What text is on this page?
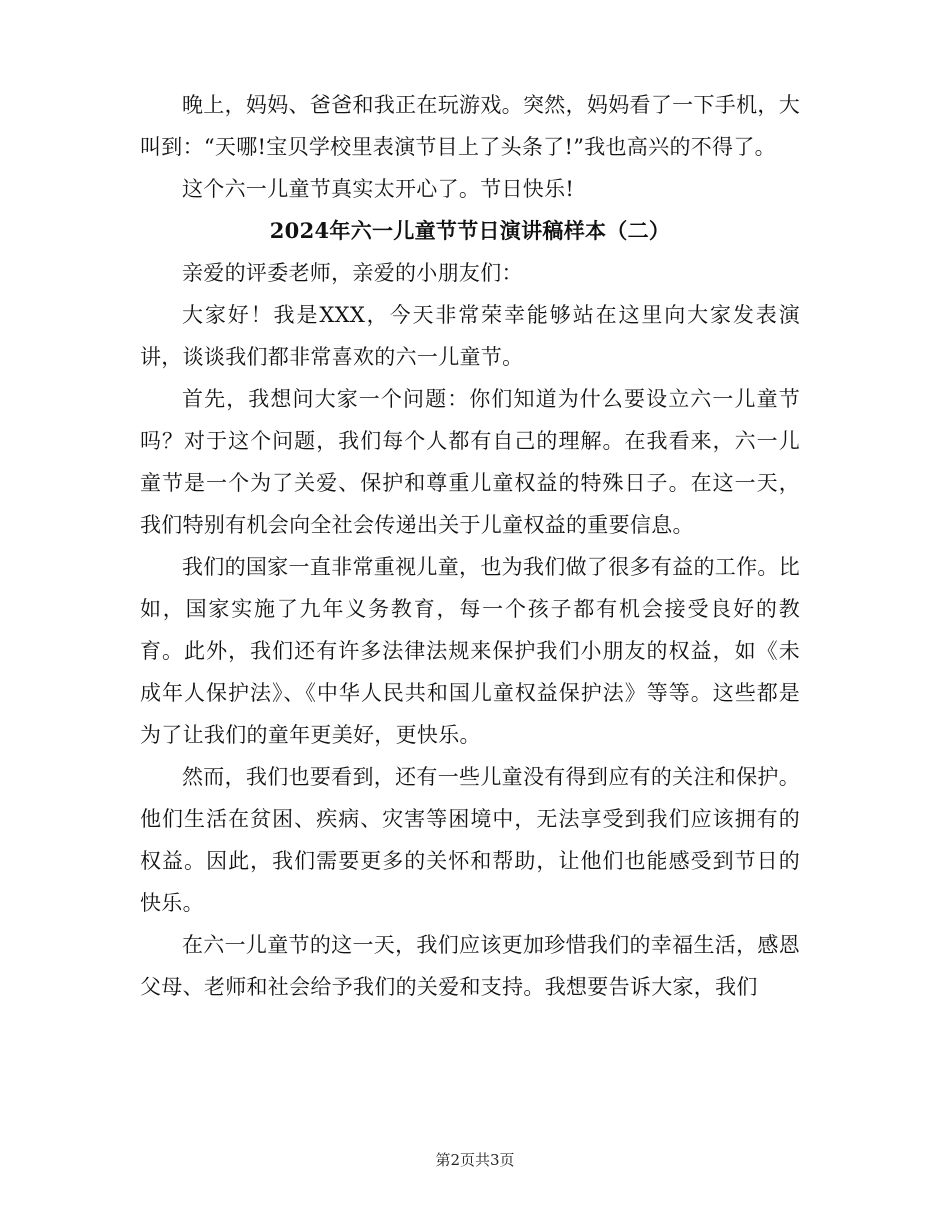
晚上，妈妈、爸爸和我正在玩游戏。突然，妈妈看了一下手机，大叫到：“天哪!宝贝学校里表演节目上了头条了!”我也高兴的不得了。

这个六一儿童节真实太开心了。节日快乐!

2024年六一儿童节节日演讲稿样本（二）

亲爱的评委老师，亲爱的小朋友们：

大家好！我是XXX，今天非常荣幸能够站在这里向大家发表演讲，谈谈我们都非常喜欢的六一儿童节。

首先，我想问大家一个问题：你们知道为什么要设立六一儿童节吗？对于这个问题，我们每个人都有自己的理解。在我看来，六一儿童节是一个为了关爱、保护和尊重儿童权益的特殊日子。在这一天，我们特别有机会向全社会传递出关于儿童权益的重要信息。

我们的国家一直非常重视儿童，也为我们做了很多有益的工作。比如，国家实施了九年义务教育，每一个孩子都有机会接受良好的教育。此外，我们还有许多法律法规来保护我们小朋友的权益，如《未成年人保护法》、《中华人民共和国儿童权益保护法》等等。这些都是为了让我们的童年更美好，更快乐。

然而，我们也要看到，还有一些儿童没有得到应有的关注和保护。他们生活在贫困、疾病、灾害等困境中，无法享受到我们应该拥有的权益。因此，我们需要更多的关怀和帮助，让他们也能感受到节日的快乐。

在六一儿童节的这一天，我们应该更加珍惜我们的幸福生活，感恩父母、老师和社会给予我们的关爱和支持。我想要告诉大家，我们

第2页共3页
